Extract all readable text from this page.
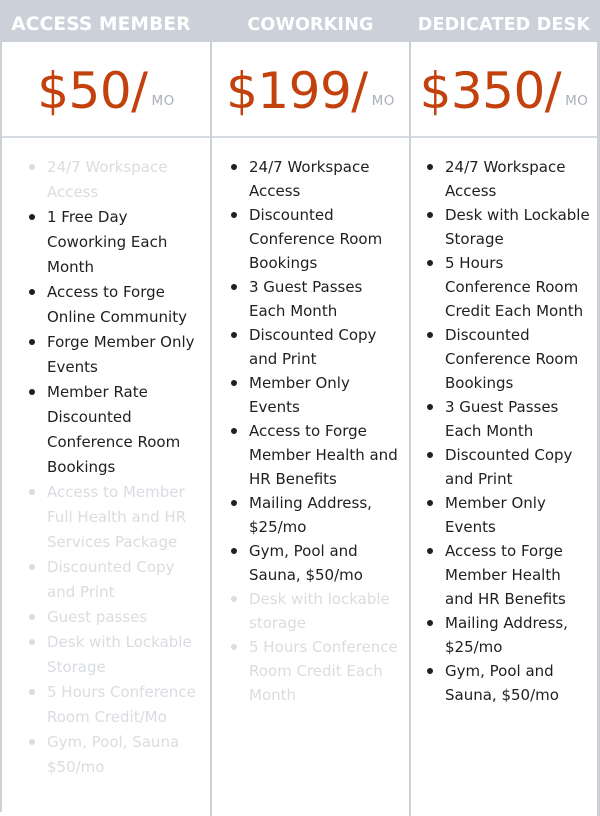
ACCESS MEMBER
$50/ MO
24/7 Workspace Access
1 Free Day Coworking Each Month
Access to Forge Online Community
Forge Member Only Events
Member Rate Discounted Conference Room Bookings
Access to Member Full Health and HR Services Package
Discounted Copy and Print
Guest passes
Desk with Lockable Storage
5 Hours Conference Room Credit/Mo
Gym, Pool, Sauna $50/mo
COWORKING
$199/ MO
24/7 Workspace Access
Discounted Conference Room Bookings
3 Guest Passes Each Month
Discounted Copy and Print
Member Only Events
Access to Forge Member Health and HR Benefits
Mailing Address, $25/mo
Gym, Pool and Sauna, $50/mo
Desk with lockable storage
5 Hours Conference Room Credit Each Month
DEDICATED DESK
$350/ MO
24/7 Workspace Access
Desk with Lockable Storage
5 Hours Conference Room Credit Each Month
Discounted Conference Room Bookings
3 Guest Passes Each Month
Discounted Copy and Print
Member Only Events
Access to Forge Member Health and HR Benefits
Mailing Address, $25/mo
Gym, Pool and Sauna, $50/mo
